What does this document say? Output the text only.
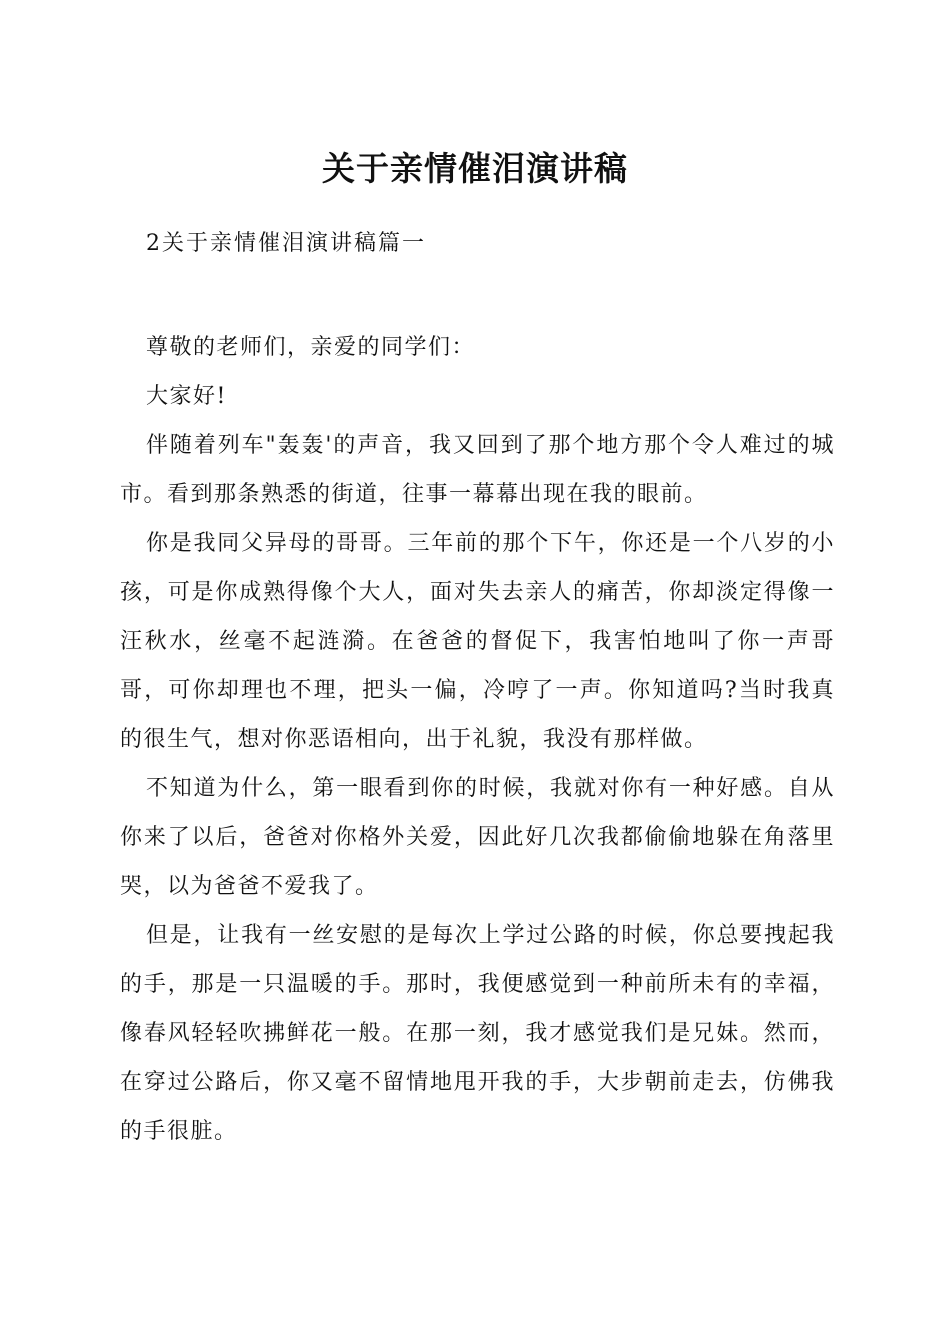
关于亲情催泪演讲稿

2关于亲情催泪演讲稿篇一

尊敬的老师们，亲爱的同学们：

大家好!

伴随着列车"轰轰'的声音，我又回到了那个地方那个令人难过的城市。看到那条熟悉的街道，往事一幕幕出现在我的眼前。

你是我同父异母的哥哥。三年前的那个下午，你还是一个八岁的小孩，可是你成熟得像个大人，面对失去亲人的痛苦，你却淡定得像一汪秋水，丝毫不起涟漪。在爸爸的督促下，我害怕地叫了你一声哥哥，可你却理也不理，把头一偏，冷哼了一声。你知道吗?当时我真的很生气，想对你恶语相向，出于礼貌，我没有那样做。

不知道为什么，第一眼看到你的时候，我就对你有一种好感。自从你来了以后，爸爸对你格外关爱，因此好几次我都偷偷地躲在角落里哭，以为爸爸不爱我了。

但是，让我有一丝安慰的是每次上学过公路的时候，你总要拽起我的手，那是一只温暖的手。那时，我便感觉到一种前所未有的幸福，像春风轻轻吹拂鲜花一般。在那一刻，我才感觉我们是兄妹。然而，在穿过公路后，你又毫不留情地甩开我的手，大步朝前走去，仿佛我的手很脏。
